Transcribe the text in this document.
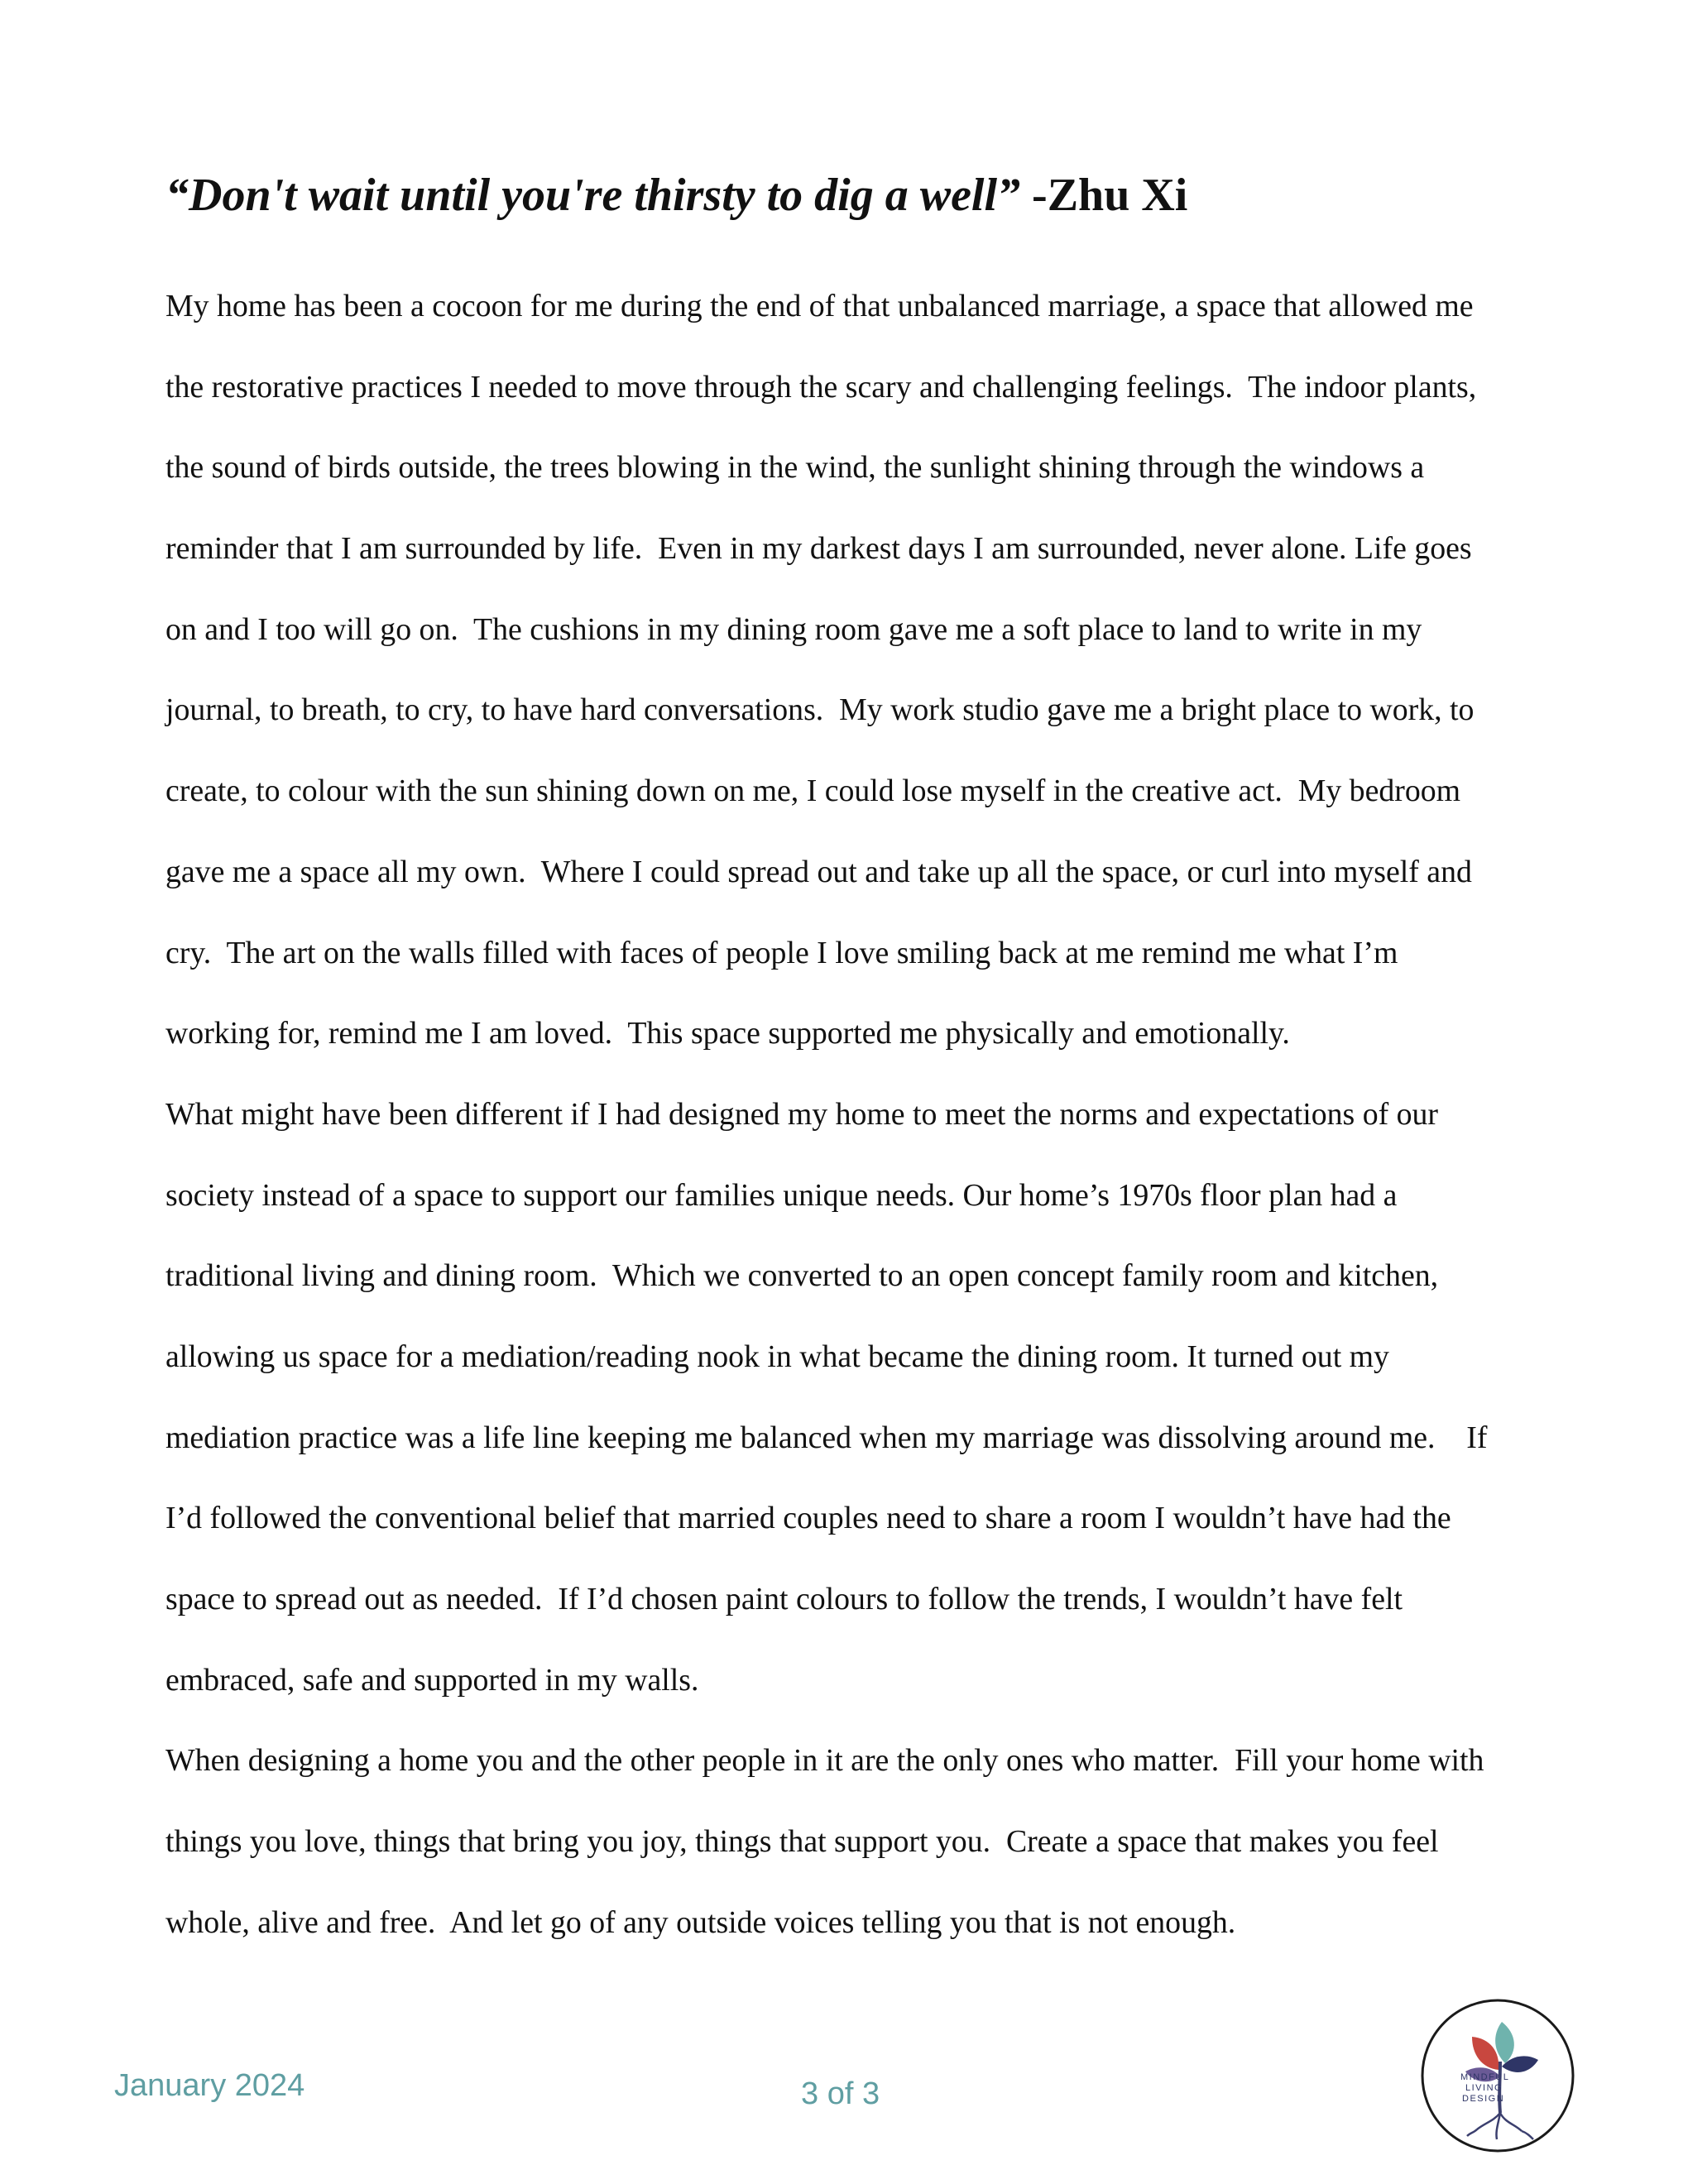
“Don't wait until you're thirsty to dig a well” -Zhu Xi
My home has been a cocoon for me during the end of that unbalanced marriage, a space that allowed me
the restorative practices I needed to move through the scary and challenging feelings.  The indoor plants,
the sound of birds outside, the trees blowing in the wind, the sunlight shining through the windows a
reminder that I am surrounded by life.  Even in my darkest days I am surrounded, never alone. Life goes
on and I too will go on.  The cushions in my dining room gave me a soft place to land to write in my
journal, to breath, to cry, to have hard conversations.  My work studio gave me a bright place to work, to
create, to colour with the sun shining down on me, I could lose myself in the creative act.  My bedroom
gave me a space all my own.  Where I could spread out and take up all the space, or curl into myself and
cry.  The art on the walls filled with faces of people I love smiling back at me remind me what I’m
working for, remind me I am loved.  This space supported me physically and emotionally.
What might have been different if I had designed my home to meet the norms and expectations of our
society instead of a space to support our families unique needs. Our home’s 1970s floor plan had a
traditional living and dining room.  Which we converted to an open concept family room and kitchen,
allowing us space for a mediation/reading nook in what became the dining room. It turned out my
mediation practice was a life line keeping me balanced when my marriage was dissolving around me.    If
I’d followed the conventional belief that married couples need to share a room I wouldn’t have had the
space to spread out as needed.  If I’d chosen paint colours to follow the trends, I wouldn’t have felt
embraced, safe and supported in my walls.
When designing a home you and the other people in it are the only ones who matter.  Fill your home with
things you love, things that bring you joy, things that support you.  Create a space that makes you feel
whole, alive and free.  And let go of any outside voices telling you that is not enough.
January 2024	3 of 3	MINDFUL
LIVING
DESIGN
